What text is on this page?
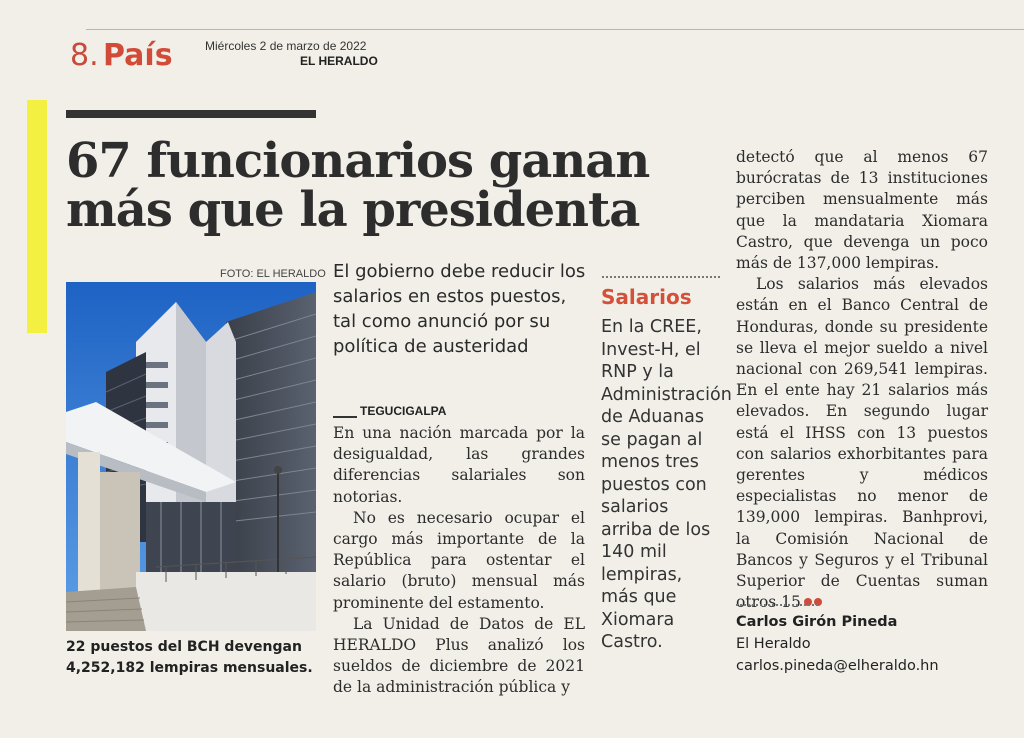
8. País	Miércoles 2 de marzo de 2022
EL HERALDO
67 funcionarios ganan más que la presidenta
FOTO: EL HERALDO
22 puestos del BCH devengan 4,252,182 lempiras mensuales.
El gobierno debe reducir los salarios en estos puestos, tal como anunció por su política de austeridad
TEGUCIGALPA

En una nación marcada por la desigualdad, las grandes diferencias salariales son notorias.

No es necesario ocupar el cargo más importante de la República para ostentar el salario (bruto) mensual más prominente del estamento.

La Unidad de Datos de EL HERALDO Plus analizó los sueldos de diciembre de 2021 de la administración pública y

Salarios
En la CREE, Invest-H, el RNP y la Administración de Aduanas se pagan al menos tres puestos con salarios arriba de los 140 mil lempiras, más que Xiomara Castro.

detectó que al menos 67 burócratas de 13 instituciones perciben mensualmente más que la mandataria Xiomara Castro, que devenga un poco más de 137,000 lempiras.

Los salarios más elevados están en el Banco Central de Honduras, donde su presidente se lleva el mejor sueldo a nivel nacional con 269,541 lempiras. En el ente hay 21 salarios más elevados. En segundo lugar está el IHSS con 13 puestos con salarios exhorbitantes para gerentes y médicos especialistas no menor de 139,000 lempiras. Banhprovi, la Comisión Nacional de Bancos y Seguros y el Tribunal Superior de Cuentas suman otros 15

Carlos Girón Pineda
El Heraldo
carlos.pineda@elheraldo.hn
